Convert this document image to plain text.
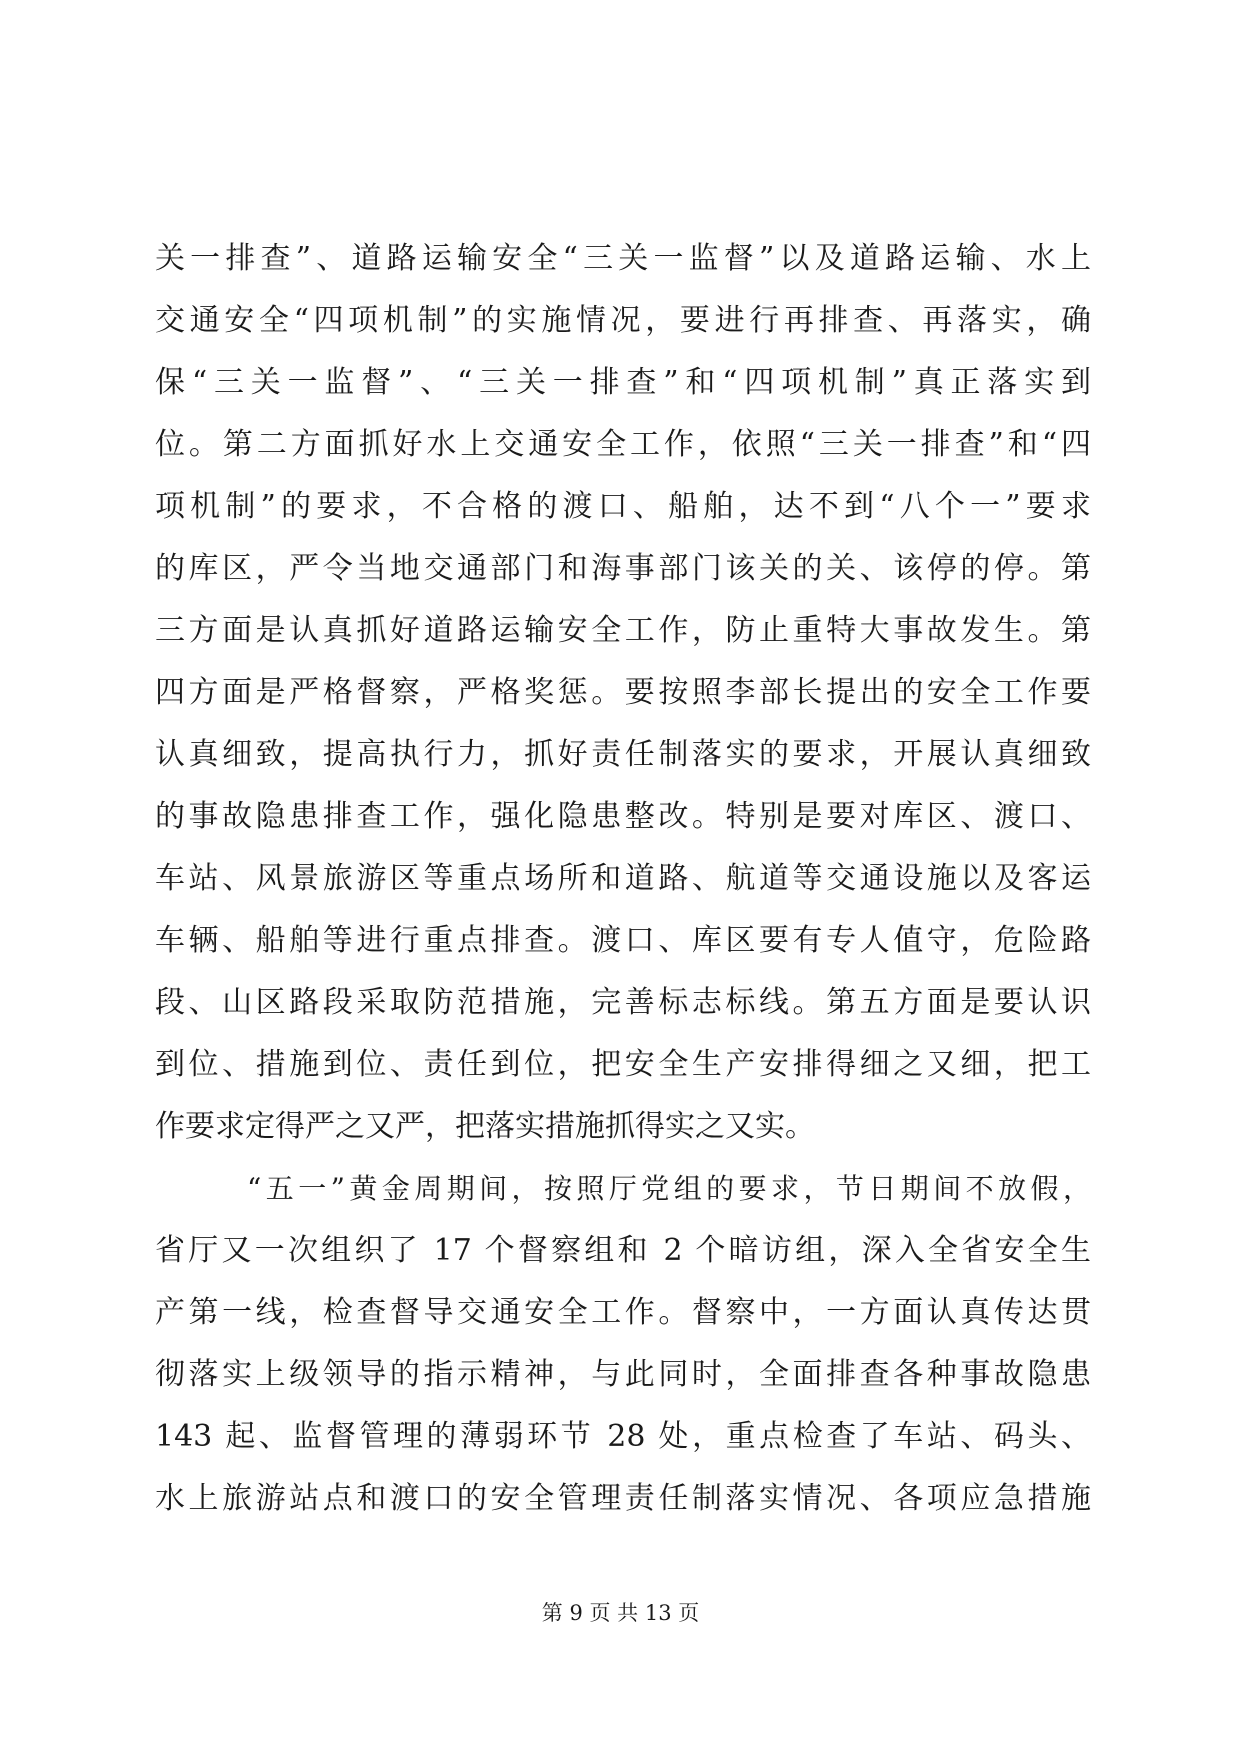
关一排查”、道路运输安全“三关一监督”以及道路运输、水上
交通安全“四项机制”的实施情况，要进行再排查、再落实，确
保“三关一监督”、“三关一排查”和“四项机制”真正落实到
位。第二方面抓好水上交通安全工作，依照“三关一排查”和“四
项机制”的要求，不合格的渡口、船舶，达不到“八个一”要求
的库区，严令当地交通部门和海事部门该关的关、该停的停。第
三方面是认真抓好道路运输安全工作，防止重特大事故发生。第
四方面是严格督察，严格奖惩。要按照李部长提出的安全工作要
认真细致，提高执行力，抓好责任制落实的要求，开展认真细致
的事故隐患排查工作，强化隐患整改。特别是要对库区、渡口、
车站、风景旅游区等重点场所和道路、航道等交通设施以及客运
车辆、船舶等进行重点排查。渡口、库区要有专人值守，危险路
段、山区路段采取防范措施，完善标志标线。第五方面是要认识
到位、措施到位、责任到位，把安全生产安排得细之又细，把工
作要求定得严之又严，把落实措施抓得实之又实。
“五一”黄金周期间，按照厅党组的要求，节日期间不放假，
省厅又一次组织了 17 个督察组和 2 个暗访组，深入全省安全生
产第一线，检查督导交通安全工作。督察中，一方面认真传达贯
彻落实上级领导的指示精神，与此同时，全面排查各种事故隐患
143 起、监督管理的薄弱环节 28 处，重点检查了车站、码头、
水上旅游站点和渡口的安全管理责任制落实情况、各项应急措施
第 9 页 共 13 页
